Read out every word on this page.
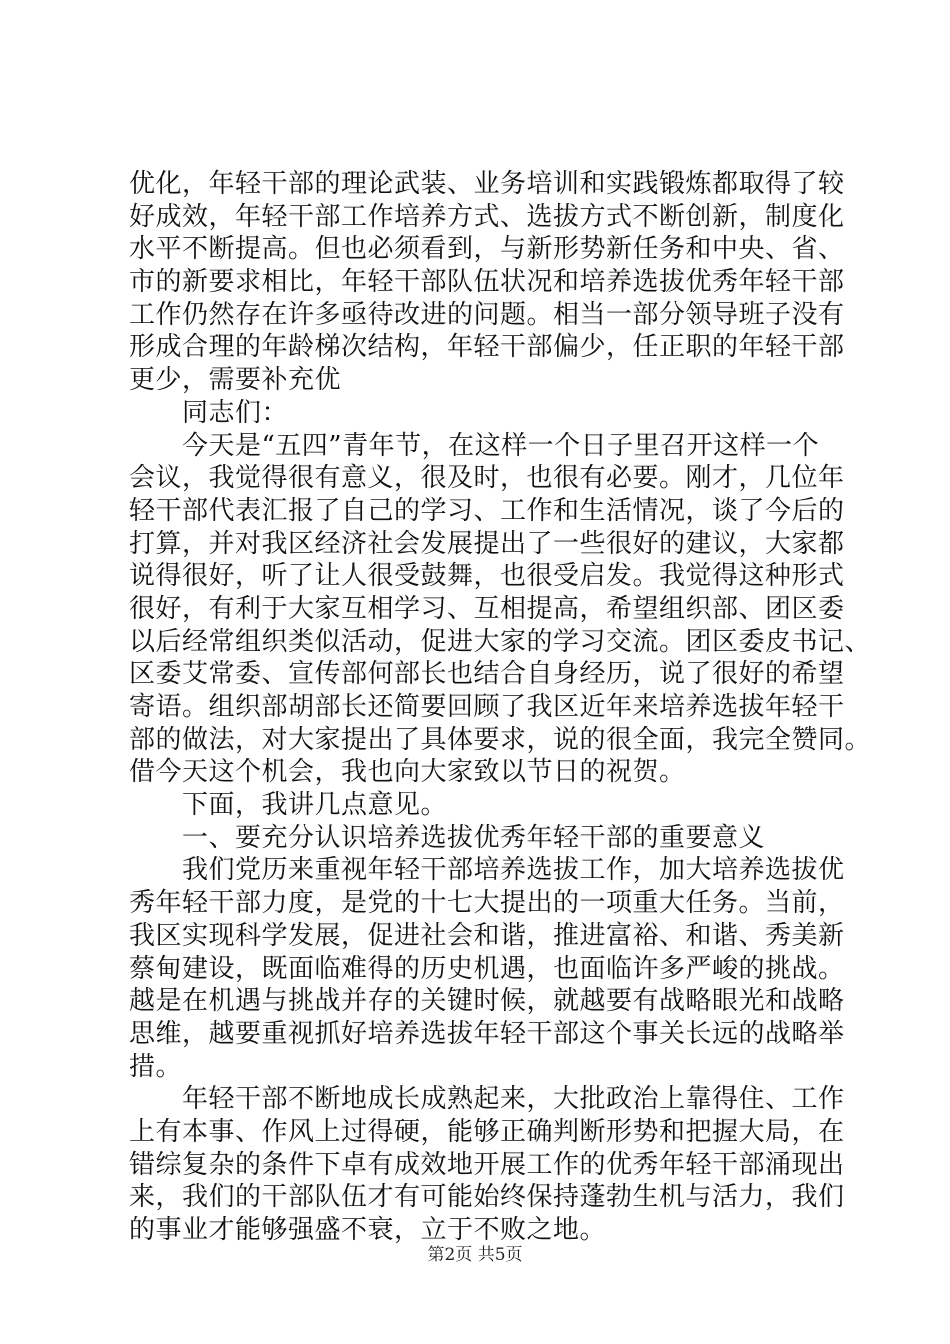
优化，年轻干部的理论武装、业务培训和实践锻炼都取得了较
好成效，年轻干部工作培养方式、选拔方式不断创新，制度化
水平不断提高。但也必须看到，与新形势新任务和中央、省、
市的新要求相比，年轻干部队伍状况和培养选拔优秀年轻干部
工作仍然存在许多亟待改进的问题。相当一部分领导班子没有
形成合理的年龄梯次结构，年轻干部偏少，任正职的年轻干部
更少，需要补充优
　　同志们：
　　今天是“五四”青年节，在这样一个日子里召开这样一个
会议，我觉得很有意义，很及时，也很有必要。刚才，几位年
轻干部代表汇报了自己的学习、工作和生活情况，谈了今后的
打算，并对我区经济社会发展提出了一些很好的建议，大家都
说得很好，听了让人很受鼓舞，也很受启发。我觉得这种形式
很好，有利于大家互相学习、互相提高，希望组织部、团区委
以后经常组织类似活动，促进大家的学习交流。团区委皮书记、
区委艾常委、宣传部何部长也结合自身经历，说了很好的希望
寄语。组织部胡部长还简要回顾了我区近年来培养选拔年轻干
部的做法，对大家提出了具体要求，说的很全面，我完全赞同。
借今天这个机会，我也向大家致以节日的祝贺。
　　下面，我讲几点意见。
　　一、要充分认识培养选拔优秀年轻干部的重要意义
　　我们党历来重视年轻干部培养选拔工作，加大培养选拔优
秀年轻干部力度，是党的十七大提出的一项重大任务。当前，
我区实现科学发展，促进社会和谐，推进富裕、和谐、秀美新
蔡甸建设，既面临难得的历史机遇，也面临许多严峻的挑战。
越是在机遇与挑战并存的关键时候，就越要有战略眼光和战略
思维，越要重视抓好培养选拔年轻干部这个事关长远的战略举
措。
　　年轻干部不断地成长成熟起来，大批政治上靠得住、工作
上有本事、作风上过得硬，能够正确判断形势和把握大局，在
错综复杂的条件下卓有成效地开展工作的优秀年轻干部涌现出
来，我们的干部队伍才有可能始终保持蓬勃生机与活力，我们
的事业才能够强盛不衰，立于不败之地。
第2页 共5页
